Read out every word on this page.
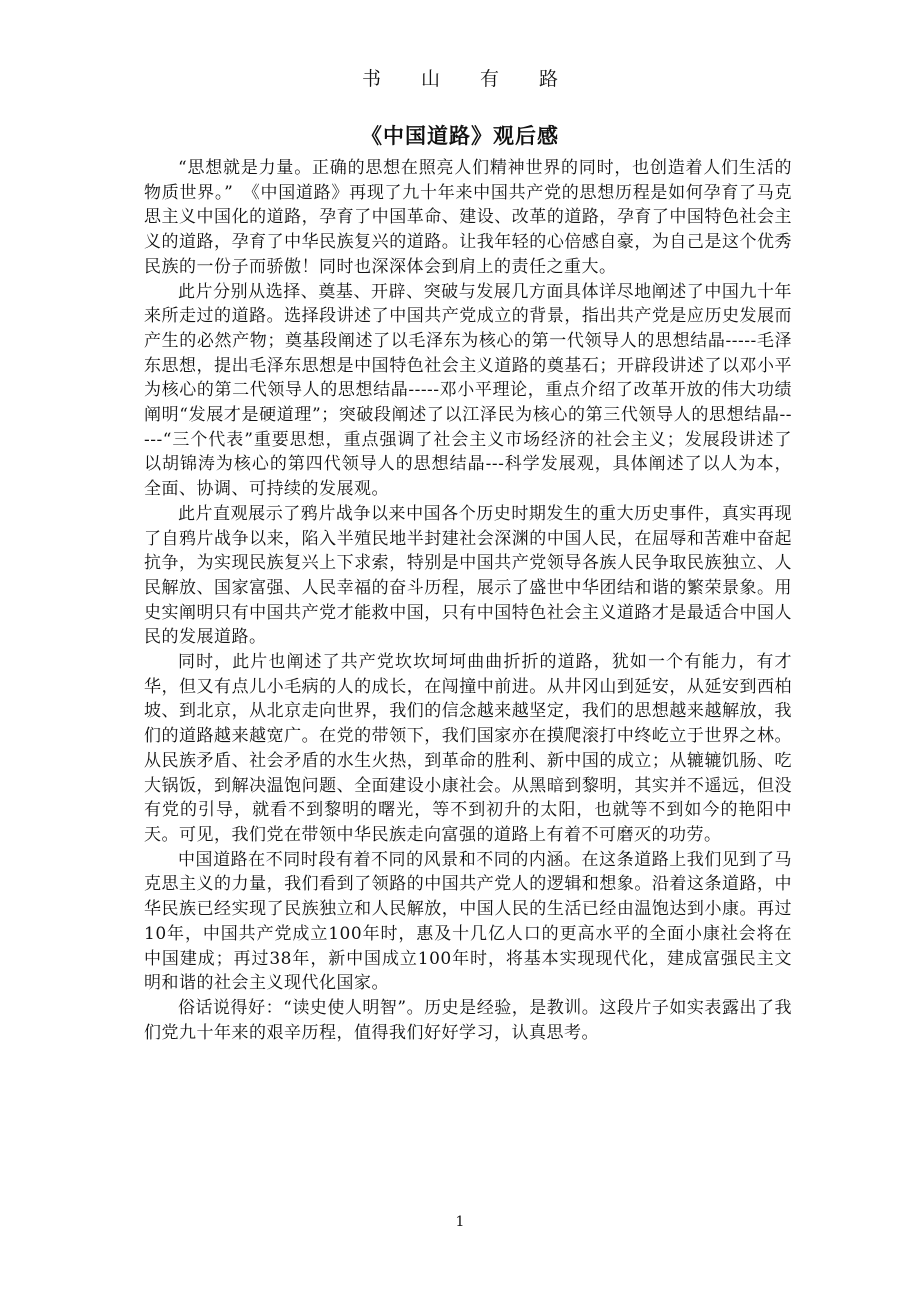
书 山 有 路
《中国道路》观后感

“思想就是力量。正确的思想在照亮人们精神世界的同时，也创造着人们生活的物质世界。”　《中国道路》再现了九十年来中国共产党的思想历程是如何孕育了马克思主义中国化的道路，孕育了中国革命、建设、改革的道路，孕育了中国特色社会主义的道路，孕育了中华民族复兴的道路。让我年轻的心倍感自豪，为自己是这个优秀民族的一份子而骄傲！同时也深深体会到肩上的责任之重大。

此片分别从选择、奠基、开辟、突破与发展几方面具体详尽地阐述了中国九十年来所走过的道路。选择段讲述了中国共产党成立的背景，指出共产党是应历史发展而产生的必然产物；奠基段阐述了以毛泽东为核心的第一代领导人的思想结晶-----毛泽东思想，提出毛泽东思想是中国特色社会主义道路的奠基石；开辟段讲述了以邓小平为核心的第二代领导人的思想结晶-----邓小平理论，重点介绍了改革开放的伟大功绩阐明“发展才是硬道理”；突破段阐述了以江泽民为核心的第三代领导人的思想结晶-----“三个代表”重要思想，重点强调了社会主义市场经济的社会主义；发展段讲述了以胡锦涛为核心的第四代领导人的思想结晶---科学发展观，具体阐述了以人为本，全面、协调、可持续的发展观。

此片直观展示了鸦片战争以来中国各个历史时期发生的重大历史事件，真实再现了自鸦片战争以来，陷入半殖民地半封建社会深渊的中国人民，在屈辱和苦难中奋起抗争，为实现民族复兴上下求索，特别是中国共产党领导各族人民争取民族独立、人民解放、国家富强、人民幸福的奋斗历程，展示了盛世中华团结和谐的繁荣景象。用史实阐明只有中国共产党才能救中国，只有中国特色社会主义道路才是最适合中国人民的发展道路。

同时，此片也阐述了共产党坎坎坷坷曲曲折折的道路，犹如一个有能力，有才华，但又有点儿小毛病的人的成长，在闯撞中前进。从井冈山到延安，从延安到西柏坡、到北京，从北京走向世界，我们的信念越来越坚定，我们的思想越来越解放，我们的道路越来越宽广。在党的带领下，我们国家亦在摸爬滚打中终屹立于世界之林。从民族矛盾、社会矛盾的水生火热，到革命的胜利、新中国的成立；从辘辘饥肠、吃大锅饭，到解决温饱问题、全面建设小康社会。从黑暗到黎明，其实并不遥远，但没有党的引导，就看不到黎明的曙光，等不到初升的太阳，也就等不到如今的艳阳中天。可见，我们党在带领中华民族走向富强的道路上有着不可磨灭的功劳。

中国道路在不同时段有着不同的风景和不同的内涵。在这条道路上我们见到了马克思主义的力量，我们看到了领路的中国共产党人的逻辑和想象。沿着这条道路，中华民族已经实现了民族独立和人民解放，中国人民的生活已经由温饱达到小康。再过10年，中国共产党成立100年时，惠及十几亿人口的更高水平的全面小康社会将在中国建成；再过38年，新中国成立100年时，将基本实现现代化，建成富强民主文明和谐的社会主义现代化国家。

俗话说得好：“读史使人明智”。历史是经验，是教训。这段片子如实表露出了我们党九十年来的艰辛历程，值得我们好好学习，认真思考。

1
